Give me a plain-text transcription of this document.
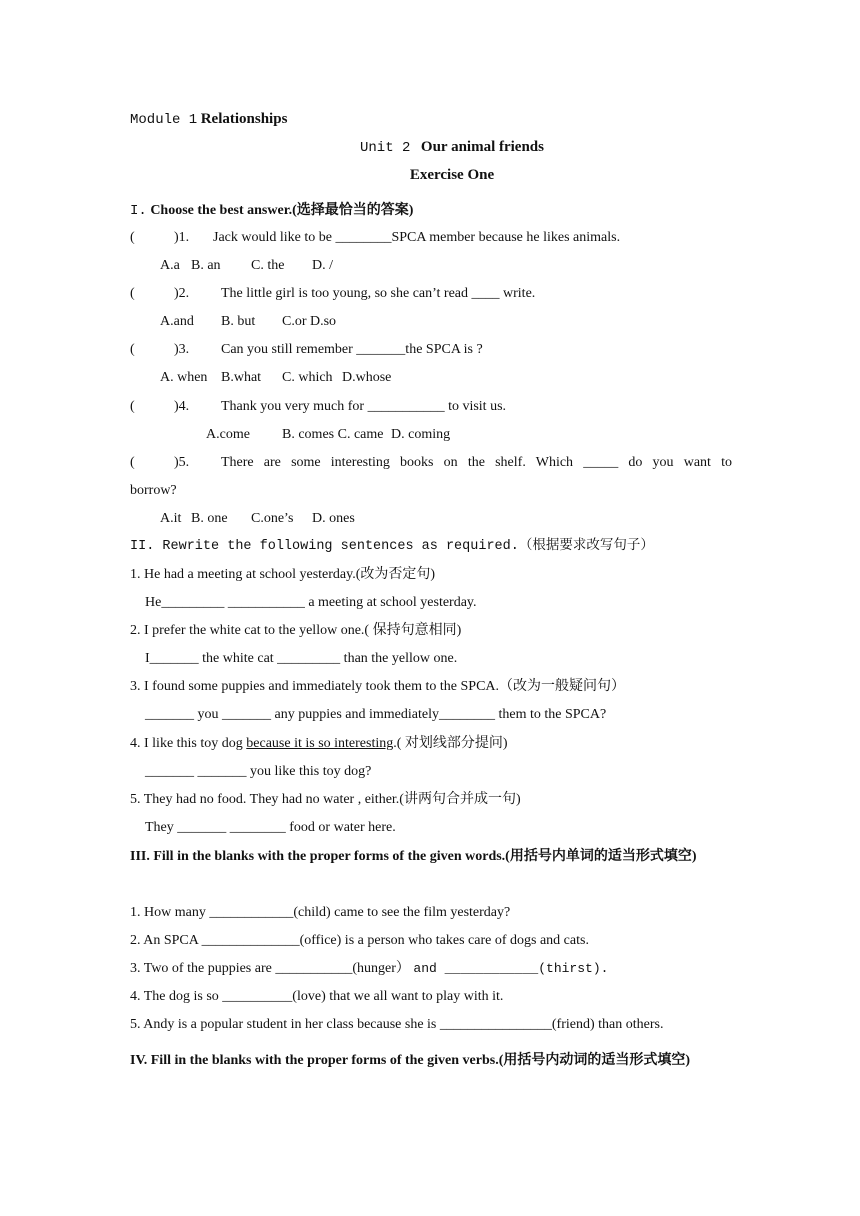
Module 1 Relationships
Unit 2 Our animal friends
Exercise One
I. Choose the best answer.(选择最恰当的答案)
(	)1. Jack would like to be ________SPCA member because he likes animals.
A.a B. an C. the D. /
(	)2. The little girl is too young, so she can’t read ____ write.
A.and B. but C.or D.so
(	)3. Can you still remember _______the SPCA is ?
A. when B.what C. which D.whose
(	)4. Thank you very much for ___________ to visit us.
A.come B. comes C. came D. coming
(	)5. There are some interesting books on the shelf. Which _____ do you want to
borrow?
A.it B. one C.one’s D. ones
II. Rewrite the following sentences as required.（根据要求改写句子）
1. He had a meeting at school yesterday.(改为否定句)
He_________ ___________ a meeting at school yesterday.
2. I prefer the white cat to the yellow one.( 保持句意相同)
I_______ the white cat _________ than the yellow one.
3. I found some puppies and immediately took them to the SPCA.（改为一般疑问句）
_______ you _______ any puppies and immediately________ them to the SPCA?
4. I like this toy dog because it is so interesting.( 对划线部分提问)
_______ _______ you like this toy dog?
5. They had no food. They had no water , either.(讲两句合并成一句)
They _______ ________ food or water here.
III. Fill in the blanks with the proper forms of the given words.(用括号内单词的适当形式填空)
1. How many ____________(child) came to see the film yesterday?
2. An SPCA ______________(office) is a person who takes care of dogs and cats.
3. Two of the puppies are ___________(hunger） and ____________(thirst).
4. The dog is so __________(love) that we all want to play with it.
5. Andy is a popular student in her class because she is ________________(friend) than others.
IV. Fill in the blanks with the proper forms of the given verbs.(用括号内动词的适当形式填空)
